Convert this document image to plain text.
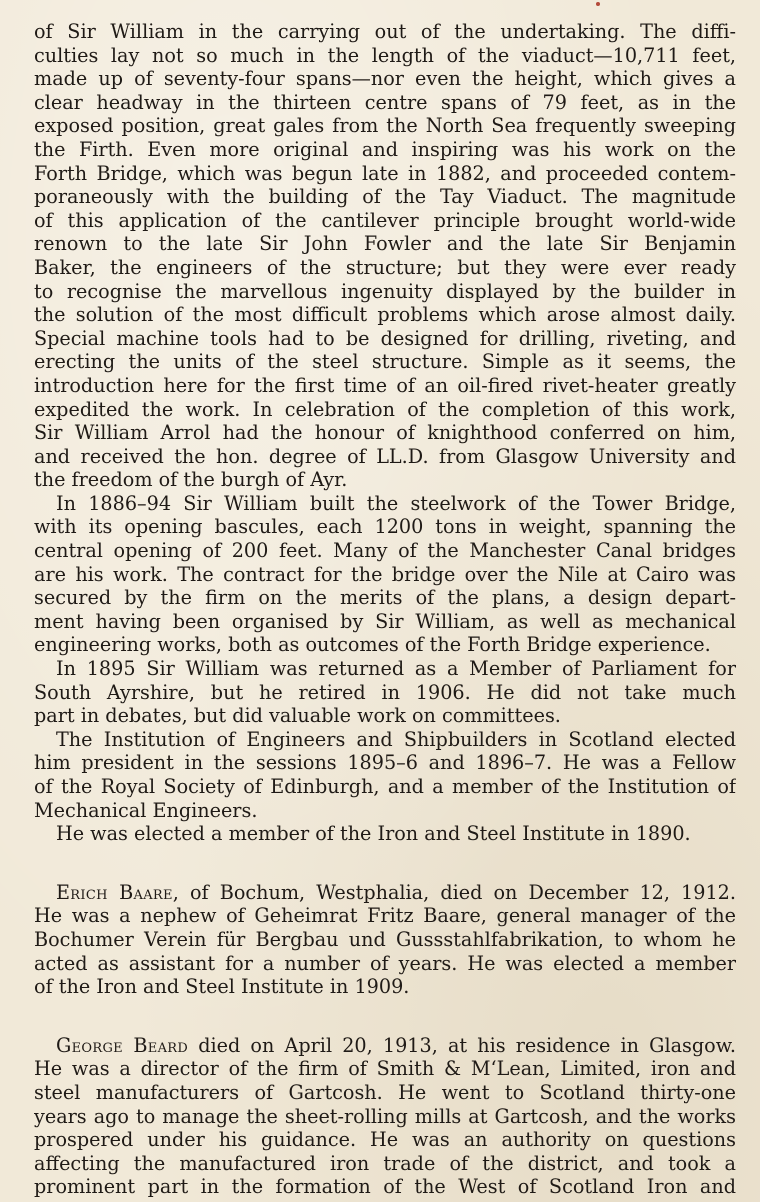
of Sir William in the carrying out of the undertaking. The diffi-
culties lay not so much in the length of the viaduct—10,711 feet,
made up of seventy-four spans—nor even the height, which gives a
clear headway in the thirteen centre spans of 79 feet, as in the
exposed position, great gales from the North Sea frequently sweeping
the Firth. Even more original and inspiring was his work on the
Forth Bridge, which was begun late in 1882, and proceeded contem-
poraneously with the building of the Tay Viaduct. The magnitude
of this application of the cantilever principle brought world-wide
renown to the late Sir John Fowler and the late Sir Benjamin
Baker, the engineers of the structure; but they were ever ready
to recognise the marvellous ingenuity displayed by the builder in
the solution of the most difficult problems which arose almost daily.
Special machine tools had to be designed for drilling, riveting, and
erecting the units of the steel structure. Simple as it seems, the
introduction here for the first time of an oil-fired rivet-heater greatly
expedited the work. In celebration of the completion of this work,
Sir William Arrol had the honour of knighthood conferred on him,
and received the hon. degree of LL.D. from Glasgow University and
the freedom of the burgh of Ayr.
In 1886–94 Sir William built the steelwork of the Tower Bridge,
with its opening bascules, each 1200 tons in weight, spanning the
central opening of 200 feet. Many of the Manchester Canal bridges
are his work. The contract for the bridge over the Nile at Cairo was
secured by the firm on the merits of the plans, a design depart-
ment having been organised by Sir William, as well as mechanical
engineering works, both as outcomes of the Forth Bridge experience.
In 1895 Sir William was returned as a Member of Parliament for
South Ayrshire, but he retired in 1906. He did not take much
part in debates, but did valuable work on committees.
The Institution of Engineers and Shipbuilders in Scotland elected
him president in the sessions 1895–6 and 1896–7. He was a Fellow
of the Royal Society of Edinburgh, and a member of the Institution of
Mechanical Engineers.
He was elected a member of the Iron and Steel Institute in 1890.
Erich Baare, of Bochum, Westphalia, died on December 12, 1912.
He was a nephew of Geheimrat Fritz Baare, general manager of the
Bochumer Verein für Bergbau und Gussstahlfabrikation, to whom he
acted as assistant for a number of years. He was elected a member
of the Iron and Steel Institute in 1909.
George Beard died on April 20, 1913, at his residence in Glasgow.
He was a director of the firm of Smith & M‘Lean, Limited, iron and
steel manufacturers of Gartcosh. He went to Scotland thirty-one
years ago to manage the sheet-rolling mills at Gartcosh, and the works
prospered under his guidance. He was an authority on questions
affecting the manufactured iron trade of the district, and took a
prominent part in the formation of the West of Scotland Iron and
